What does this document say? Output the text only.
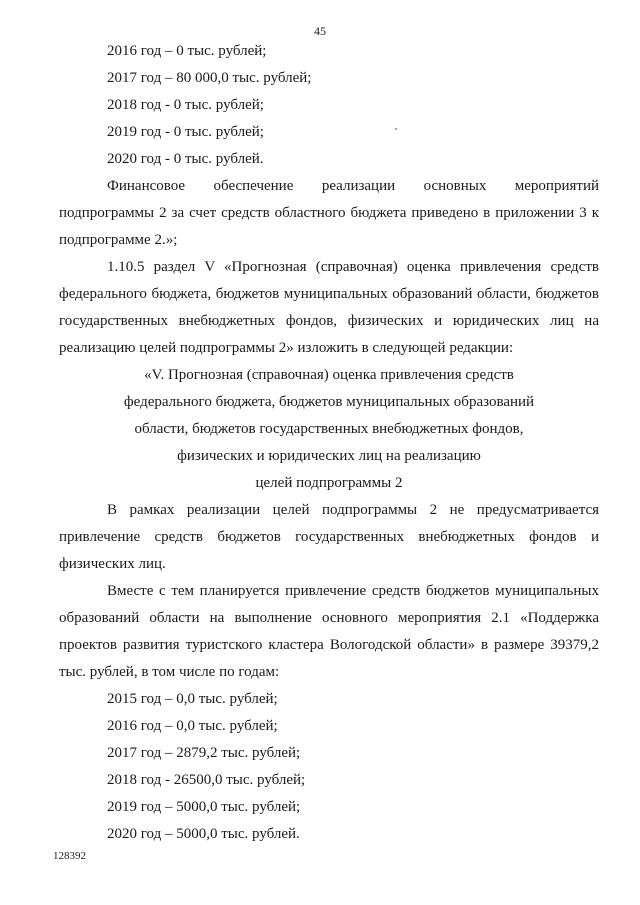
45
2016 год – 0 тыс. рублей;
2017 год – 80 000,0 тыс. рублей;
2018 год - 0 тыс. рублей;
2019 год - 0 тыс. рублей;
2020 год - 0 тыс. рублей.

Финансовое обеспечение реализации основных мероприятий подпрограммы 2 за счет средств областного бюджета приведено в приложении 3 к подпрограмме 2.»;

1.10.5 раздел V «Прогнозная (справочная) оценка привлечения средств федерального бюджета, бюджетов муниципальных образований области, бюджетов государственных внебюджетных фондов, физических и юридических лиц на реализацию целей подпрограммы 2» изложить в следующей редакции:

«V. Прогнозная (справочная) оценка привлечения средств
федерального бюджета, бюджетов муниципальных образований
области, бюджетов государственных внебюджетных фондов,
физических и юридических лиц на реализацию
целей подпрограммы 2

В рамках реализации целей подпрограммы 2 не предусматривается привлечение средств бюджетов государственных внебюджетных фондов и физических лиц.

Вместе с тем планируется привлечение средств бюджетов муниципальных образований области на выполнение основного мероприятия 2.1 «Поддержка проектов развития туристского кластера Вологодской области» в размере 39379,2 тыс. рублей, в том числе по годам:

2015 год – 0,0 тыс. рублей;
2016 год – 0,0 тыс. рублей;
2017 год – 2879,2 тыс. рублей;
2018 год - 26500,0 тыс. рублей;
2019 год – 5000,0 тыс. рублей;
2020 год – 5000,0 тыс. рублей.
128392
